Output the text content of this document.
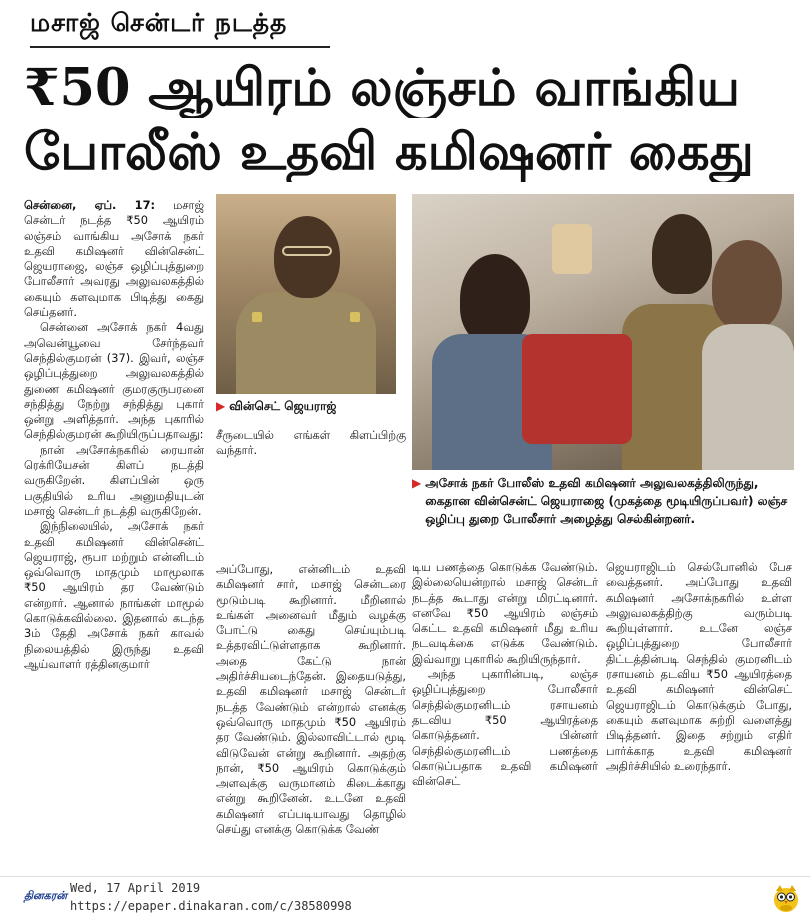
மசாஜ் சென்டர் நடத்த
₹50 ஆயிரம் லஞ்சம் வாங்கிய
போலீஸ் உதவி கமிஷனர் கைது

சென்னை, ஏப். 17: மசாஜ் சென்டர் நடத்த ₹50 ஆயிரம் லஞ்சம் வாங்கிய அசோக் நகர் உதவி கமிஷனர் வின்சென்ட் ஜெயராஜை, லஞ்ச ஒழிப்புத்துறை போலீசார் அவரது அலுவலகத்தில் கையும் களவுமாக பிடித்து கைது செய்தனர்.

சென்னை அசோக் நகர் 4வது அவென்யூவை சேர்ந்தவர் செந்தில்குமரன் (37). இவர், லஞ்ச ஒழிப்புத்துறை அலுவலகத்தில் துணை கமிஷனர் குமரகுருபரனை சந்தித்து நேற்று சந்தித்து புகார் ஒன்று அளித்தார். அந்த புகாரில் செந்தில்குமரன் கூறியிருப்பதாவது:

நான் அசோக்நகரில் ரையான் ரெக்ரியேசன் கிளப் நடத்தி வருகிறேன். கிளப்பின் ஒரு பகுதியில் உரிய அனுமதியுடன் மசாஜ் சென்டர் நடத்தி வருகிறேன்.

இந்நிலையில், அசோக் நகர் உதவி கமிஷனர் வின்சென்ட் ஜெயராஜ், ரூபா மற்றும் என்னிடம் ஒவ்வொரு மாதமும் மாமூலாக ₹50 ஆயிரம் தர வேண்டும் என்றார். ஆனால் நாங்கள் மாமூல் கொடுக்கவில்லை. இதனால் கடந்த 3ம் தேதி அசோக் நகர் காவல் நிலையத்தில் இருந்து உதவி ஆய்வாளர் ரத்தினகுமார்

▶ வின்செட் ஜெயராஜ்
▶ அசோக் நகர் போலீஸ் உதவி கமிஷனர் அலுவலகத்திலிருந்து, கைதான வின்சென்ட் ஜெயராஜை (முகத்தை மூடியிருப்பவர்) லஞ்ச ஒழிப்பு துறை போலீசார் அழைத்து செல்கின்றனர்.

சீருடையில் எங்கள் கிளப்பிற்கு வந்தார்.

அப்போது, என்னிடம் உதவி கமிஷனர் சார், மசாஜ் சென்டரை மூடும்படி கூறினார். மீறினால் உங்கள் அனைவர் மீதும் வழக்கு போட்டு கைது செய்யும்படி உத்தரவிட்டுள்ளதாக கூறினார். அதை கேட்டு நான் அதிர்ச்சியடைந்தேன். இதையடுத்து, உதவி கமிஷனர் மசாஜ் சென்டர் நடத்த வேண்டும் என்றால் எனக்கு ஒவ்வொரு மாதமும் ₹50 ஆயிரம் தர வேண்டும். இல்லாவிட்டால் மூடி விடுவேன் என்று கூறினார். அதற்கு நான், ₹50 ஆயிரம் கொடுக்கும் அளவுக்கு வருமானம் கிடைக்காது என்று கூறினேன். உடனே உதவி கமிஷனர் எப்படியாவது தொழில் செய்து எனக்கு கொடுக்க வேண்

டிய பணத்தை கொடுக்க வேண்டும். இல்லையென்றால் மசாஜ் சென்டர் நடத்த கூடாது என்று மிரட்டினார். எனவே ₹50 ஆயிரம் லஞ்சம் கெட்ட உதவி கமிஷனர் மீது உரிய நடவடிக்கை எடுக்க வேண்டும். இவ்வாறு புகாரில் கூறியிருந்தார்.

அந்த புகாரின்படி, லஞ்ச ஒழிப்புத்துறை போலீசார் செந்தில்குமரனிடம் ரசாயனம் தடவிய ₹50 ஆயிரத்தை கொடுத்தனர். பின்னர் செந்தில்குமரனிடம் பணத்தை கொடுப்பதாக உதவி கமிஷனர் வின்செட்

ஜெயராஜிடம் செல்போனில் பேச வைத்தனர். அப்போது உதவி கமிஷனர் அசோக்நகரில் உள்ள அலுவலகத்திற்கு வரும்படி கூறியுள்ளார். உடனே லஞ்ச ஒழிப்புத்துறை போலீசார் திட்டத்தின்படி செந்தில் குமரனிடம் ரசாயனம் தடவிய ₹50 ஆயிரத்தை உதவி கமிஷனர் வின்செட் ஜெயராஜிடம் கொடுக்கும் போது, கையும் களவுமாக சுற்றி வளைத்து பிடித்தனர். இதை சற்றும் எதிர் பார்க்காத உதவி கமிஷனர் அதிர்ச்சியில் உரைந்தார்.

தினகரன்
Wed, 17 April 2019
https://epaper.dinakaran.com/c/38580998
